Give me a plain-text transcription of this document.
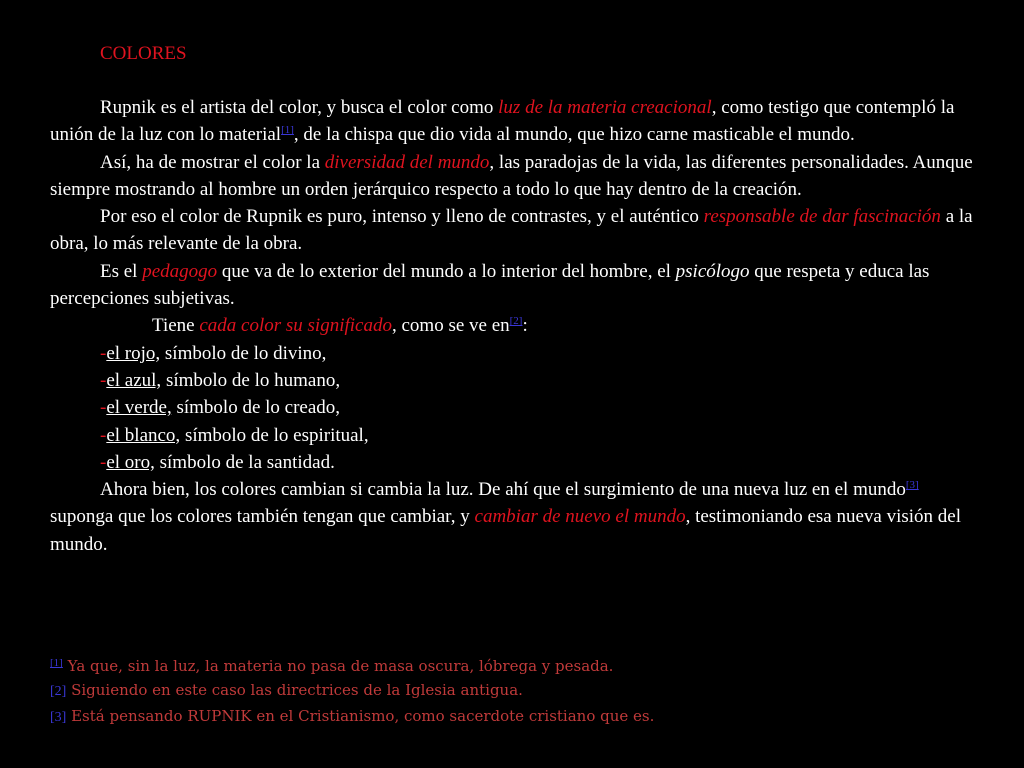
COLORES

Rupnik es el artista del color, y busca el color como luz de la materia creacional, como testigo que contempló la unión de la luz con lo material[1], de la chispa que dio vida al mundo, que hizo carne masticable el mundo.

Así, ha de mostrar el color la diversidad del mundo, las paradojas de la vida, las diferentes personalidades. Aunque siempre mostrando al hombre un orden jerárquico respecto a todo lo que hay dentro de la creación.

Por eso el color de Rupnik es puro, intenso y lleno de contrastes, y el auténtico responsable de dar fascinación a la obra, lo más relevante de la obra.

Es el pedagogo que va de lo exterior del mundo a lo interior del hombre, el psicólogo que respeta y educa las percepciones subjetivas.

Tiene cada color su significado, como se ve en[2]:

-el rojo, símbolo de lo divino,

-el azul, símbolo de lo humano,

-el verde, símbolo de lo creado,

-el blanco, símbolo de lo espiritual,

-el oro, símbolo de la santidad.

Ahora bien, los colores cambian si cambia la luz. De ahí que el surgimiento de una nueva luz en el mundo[3] suponga que los colores también tengan que cambiar, y cambiar de nuevo el mundo, testimoniando esa nueva visión del mundo.

[1] Ya que, sin la luz, la materia no pasa de masa oscura, lóbrega y pesada.

[2] Siguiendo en este caso las directrices de la Iglesia antigua.

[3] Está pensando RUPNIK en el Cristianismo, como sacerdote cristiano que es.
